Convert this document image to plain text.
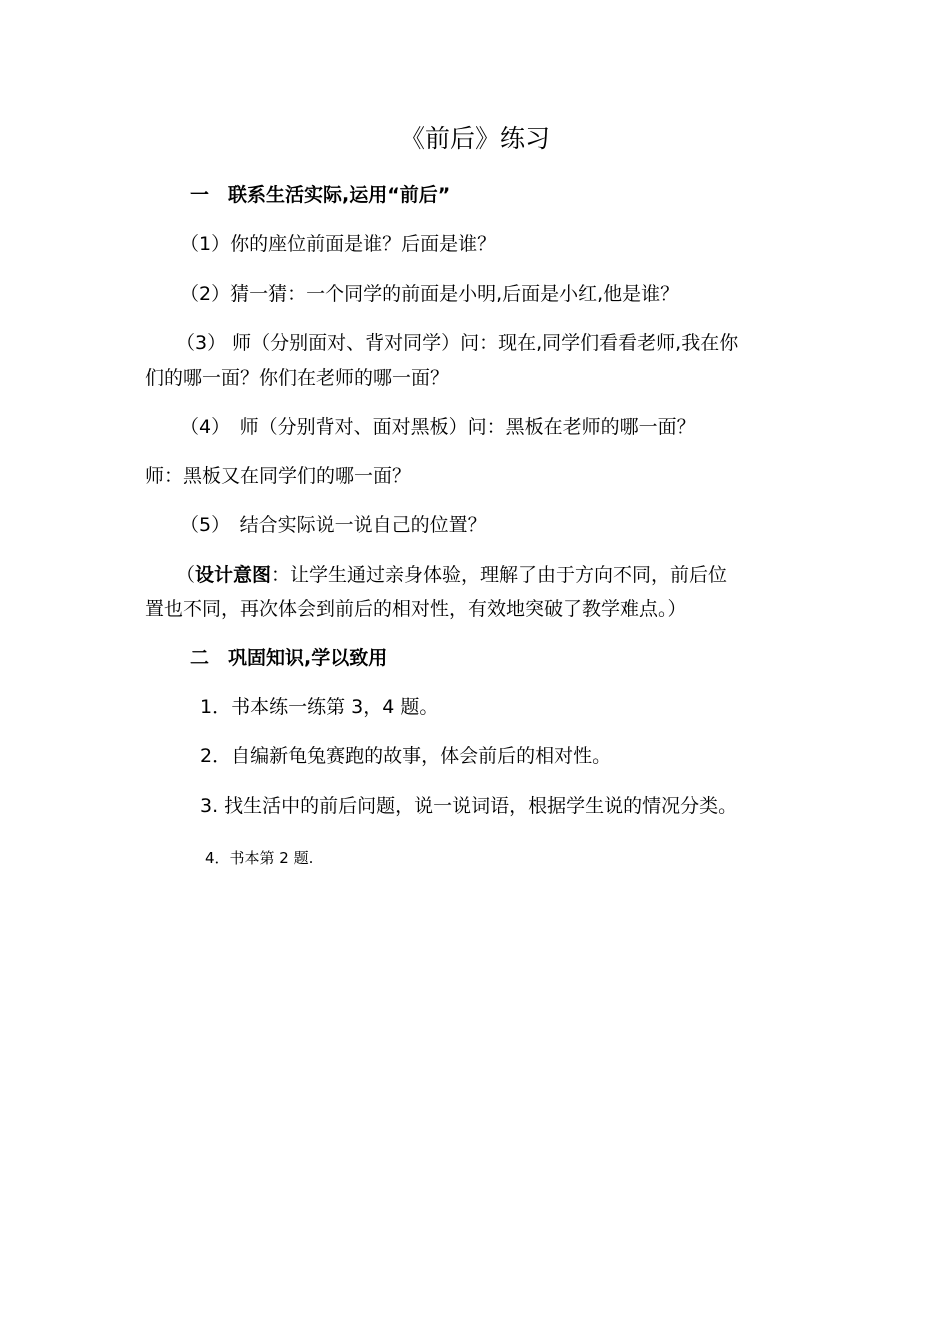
《前后》练习
一　联系生活实际,运用“前后”
（1）你的座位前面是谁？后面是谁？
（2）猜一猜：一个同学的前面是小明,后面是小红,他是谁？
（3） 师（分别面对、背对同学）问：现在,同学们看看老师,我在你
们的哪一面？你们在老师的哪一面？
（4）　师（分别背对、面对黑板）问：黑板在老师的哪一面？
师：黑板又在同学们的哪一面？
（5）　结合实际说一说自己的位置？
（设计意图：让学生通过亲身体验，理解了由于方向不同，前后位
置也不同，再次体会到前后的相对性，有效地突破了教学难点。）
二　巩固知识,学以致用
1．书本练一练第 3，4 题。
2．自编新龟兔赛跑的故事，体会前后的相对性。
3. 找生活中的前后问题，说一说词语，根据学生说的情况分类。
4．书本第 2 题.
